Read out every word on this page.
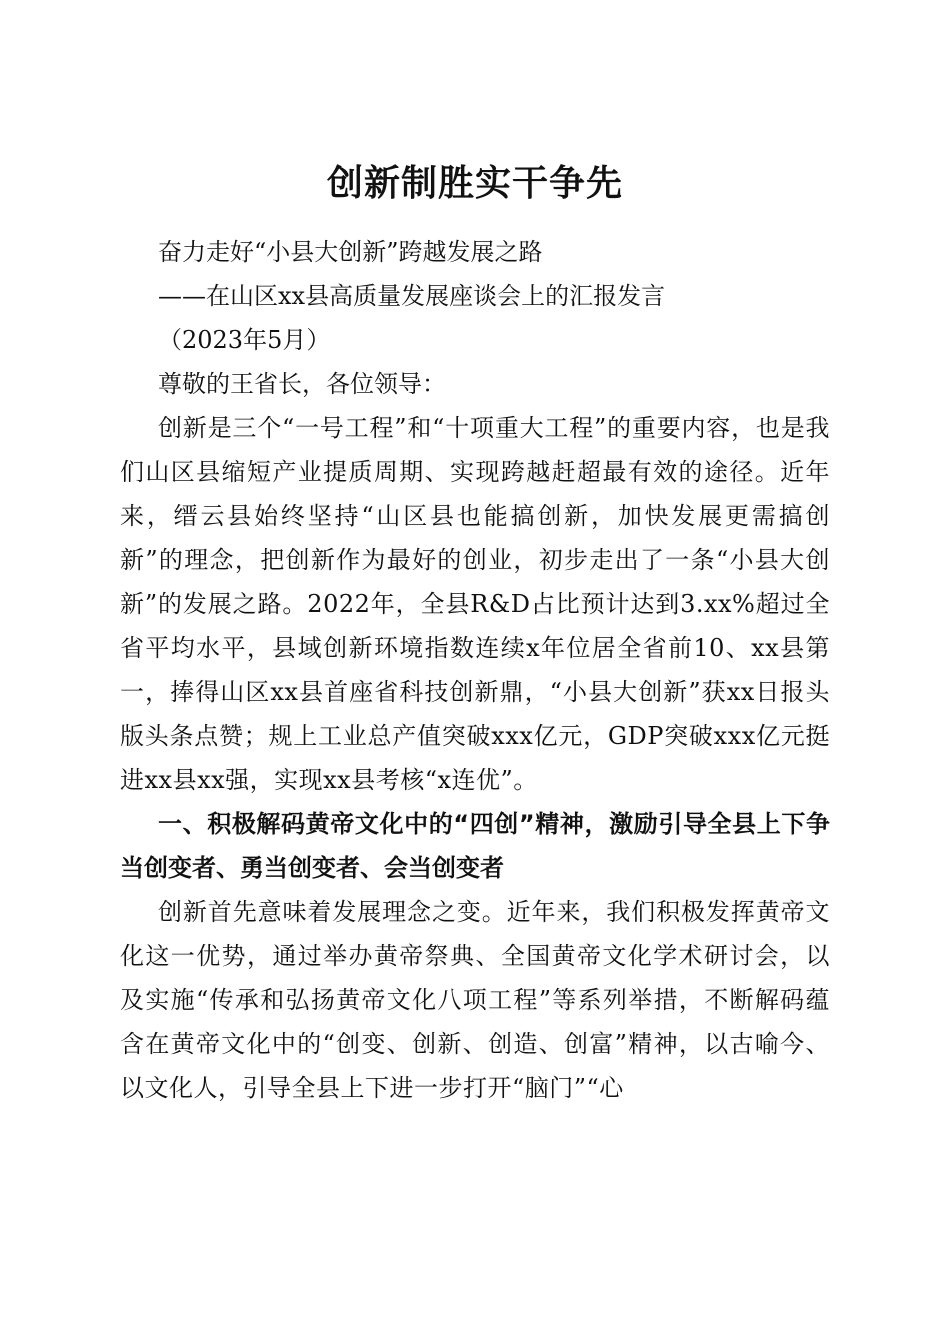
创新制胜实干争先

奋力走好“小县大创新”跨越发展之路

——在山区xx县高质量发展座谈会上的汇报发言

（2023年5月）

尊敬的王省长，各位领导：

创新是三个“一号工程”和“十项重大工程”的重要内容，也是我们山区县缩短产业提质周期、实现跨越赶超最有效的途径。近年来，缙云县始终坚持“山区县也能搞创新，加快发展更需搞创新”的理念，把创新作为最好的创业，初步走出了一条“小县大创新”的发展之路。2022年，全县R&D占比预计达到3.xx%超过全省平均水平，县域创新环境指数连续x年位居全省前10、xx县第一，捧得山区xx县首座省科技创新鼎，“小县大创新”获xx日报头版头条点赞；规上工业总产值突破xxx亿元，GDP突破xxx亿元挺进xx县xx强，实现xx县考核“x连优”。

一、积极解码黄帝文化中的“四创”精神，激励引导全县上下争当创变者、勇当创变者、会当创变者

创新首先意味着发展理念之变。近年来，我们积极发挥黄帝文化这一优势，通过举办黄帝祭典、全国黄帝文化学术研讨会，以及实施“传承和弘扬黄帝文化八项工程”等系列举措，不断解码蕴含在黄帝文化中的“创变、创新、创造、创富”精神，以古喻今、以文化人，引导全县上下进一步打开“脑门”“心
